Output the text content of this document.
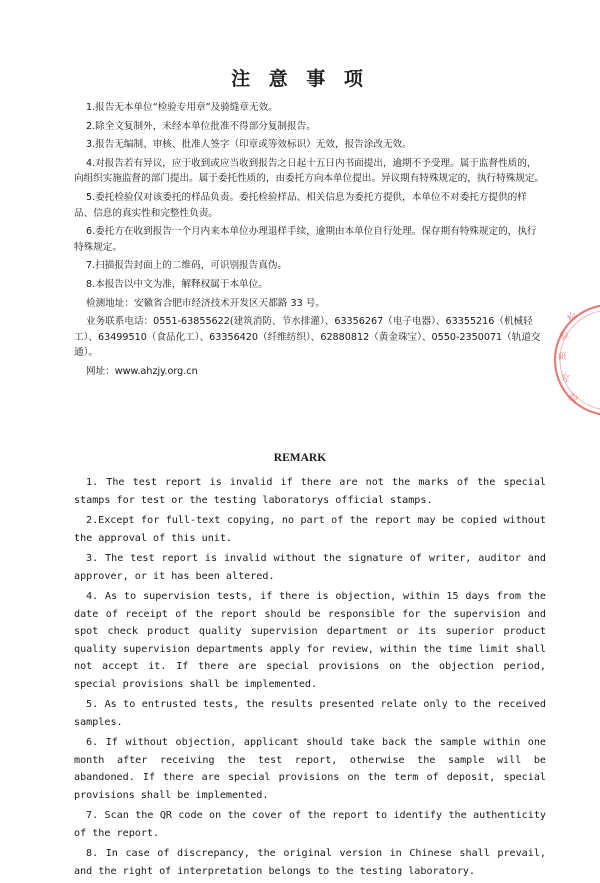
注 意 事 项

1.报告无本单位“检验专用章”及骑缝章无效。

2.除全文复制外，未经本单位批准不得部分复制报告。

3.报告无编制、审核、批准人签字（印章或等效标识）无效，报告涂改无效。

4.对报告若有异议，应于收到或应当收到报告之日起十五日内书面提出，逾期不予受理。属于监督性质的，向组织实施监督的部门提出。属于委托性质的，由委托方向本单位提出。异议期有特殊规定的，执行特殊规定。

5.委托检验仅对该委托的样品负责。委托检验样品、相关信息为委托方提供，本单位不对委托方提供的样品、信息的真实性和完整性负责。

6.委托方在收到报告一个月内来本单位办理退样手续，逾期由本单位自行处理。保存期有特殊规定的，执行特殊规定。

7.扫描报告封面上的二维码，可识别报告真伪。

8.本报告以中文为准，解释权属于本单位。

检测地址：安徽省合肥市经济技术开发区天都路 33 号。

业务联系电话：0551-63855622(建筑消防、节水排灌）、63356267（电子电器）、63355216（机械轻工）、63499510（食品化工）、63356420（纤维纺织）、62880812（黄金珠宝）、0550-2350071（轨道交通）。

网址：www.ahzjy.org.cn

REMARK

1. The test report is invalid if there are not the marks of the special stamps for test or the testing laboratorys official stamps.

2.Except for full-text copying, no part of the report may be copied without the approval of this unit.

3. The test report is invalid without the signature of writer, auditor and approver, or it has been altered.

4. As to supervision tests, if there is objection, within 15 days from the date of receipt of the report should be responsible for the supervision and spot check product quality supervision department or its superior product quality supervision departments apply for review, within the time limit shall not accept it. If there are special provisions on the objection period, special provisions shall be implemented.

5. As to entrusted tests, the results presented relate only to the received samples.

6. If without objection, applicant should take back the sample within one month after receiving the test report, otherwise the sample will be abandoned. If there are special provisions on the term of deposit, special provisions shall be implemented.

7. Scan the QR code on the cover of the report to identify the authenticity of the report.

8. In case of discrepancy, the original version in Chinese shall prevail, and the right of interpretation belongs to the testing laboratory.

检
验
研
究
院
